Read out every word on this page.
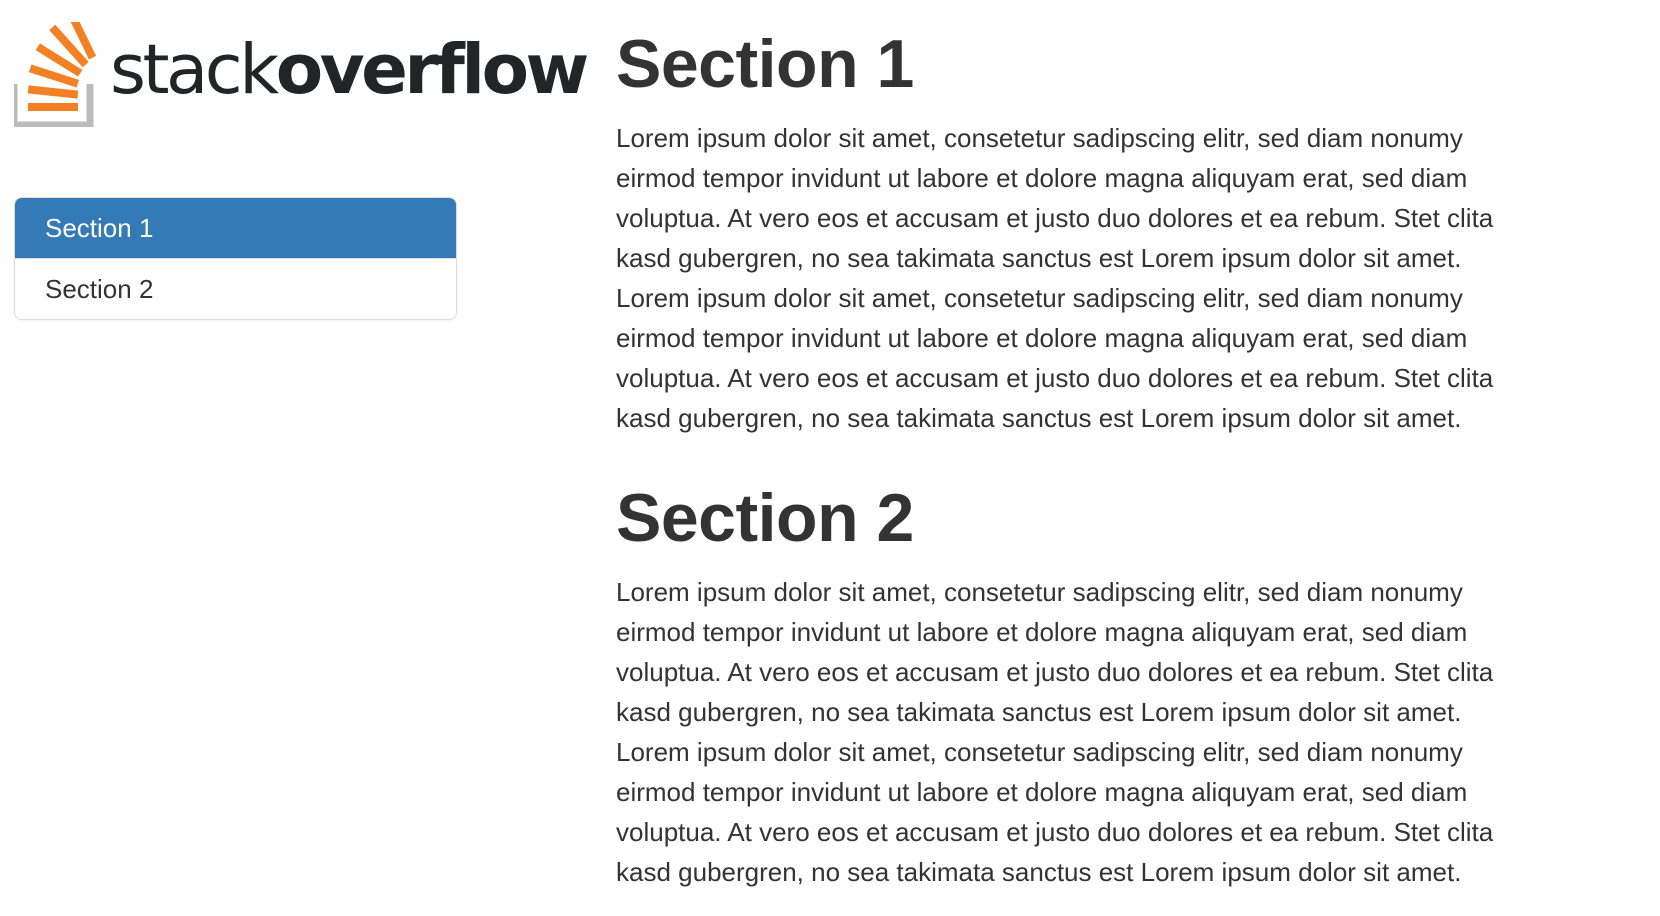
stackoverflow
Section 1
Section 2
Section 1

Lorem ipsum dolor sit amet, consetetur sadipscing elitr, sed diam nonumy
eirmod tempor invidunt ut labore et dolore magna aliquyam erat, sed diam
voluptua. At vero eos et accusam et justo duo dolores et ea rebum. Stet clita
kasd gubergren, no sea takimata sanctus est Lorem ipsum dolor sit amet.
Lorem ipsum dolor sit amet, consetetur sadipscing elitr, sed diam nonumy
eirmod tempor invidunt ut labore et dolore magna aliquyam erat, sed diam
voluptua. At vero eos et accusam et justo duo dolores et ea rebum. Stet clita
kasd gubergren, no sea takimata sanctus est Lorem ipsum dolor sit amet.

Section 2

Lorem ipsum dolor sit amet, consetetur sadipscing elitr, sed diam nonumy
eirmod tempor invidunt ut labore et dolore magna aliquyam erat, sed diam
voluptua. At vero eos et accusam et justo duo dolores et ea rebum. Stet clita
kasd gubergren, no sea takimata sanctus est Lorem ipsum dolor sit amet.
Lorem ipsum dolor sit amet, consetetur sadipscing elitr, sed diam nonumy
eirmod tempor invidunt ut labore et dolore magna aliquyam erat, sed diam
voluptua. At vero eos et accusam et justo duo dolores et ea rebum. Stet clita
kasd gubergren, no sea takimata sanctus est Lorem ipsum dolor sit amet.
